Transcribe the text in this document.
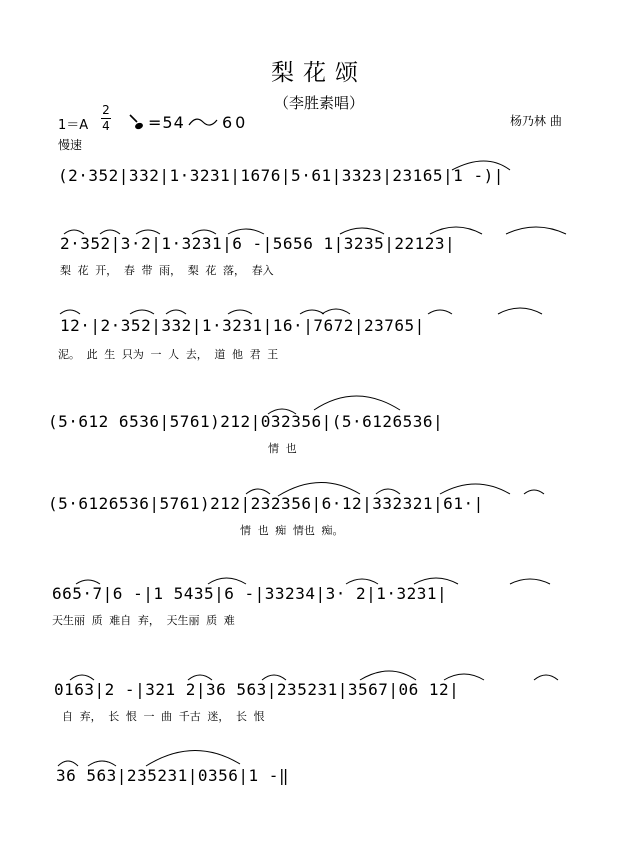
梨花颂
（李胜素唱）
杨乃林 曲
1＝A
2
4 =54 60
慢速
(2·352|332|1·3231|1676|5·61|3323|23165|1 -)|
2·352|3·2|1·3231|6 -|5656 1|3235|22123|
梨 花 开， 春 带 雨， 梨 花 落， 春入
12·|2·352|332|1·3231|16·|7672|23765|
泥。 此 生 只为 一 人 去， 道 他 君 王
(5·612 6536|5761)212|032356|(5·6126536|
情 也
(5·6126536|5761)212|232356|6·12|332321|61·|
情 也 痴 情也 痴。
665·7|6 -|1 5435|6 -|33234|3· 2|1·3231|
天生丽 质 难自 弃， 天生丽 质 难
0163|2 -|321 2|36 563|235231|3567|06 12|
自 弃， 长 恨 一 曲 千古 迷， 长 恨
36 563|235231|0356|1 -‖
